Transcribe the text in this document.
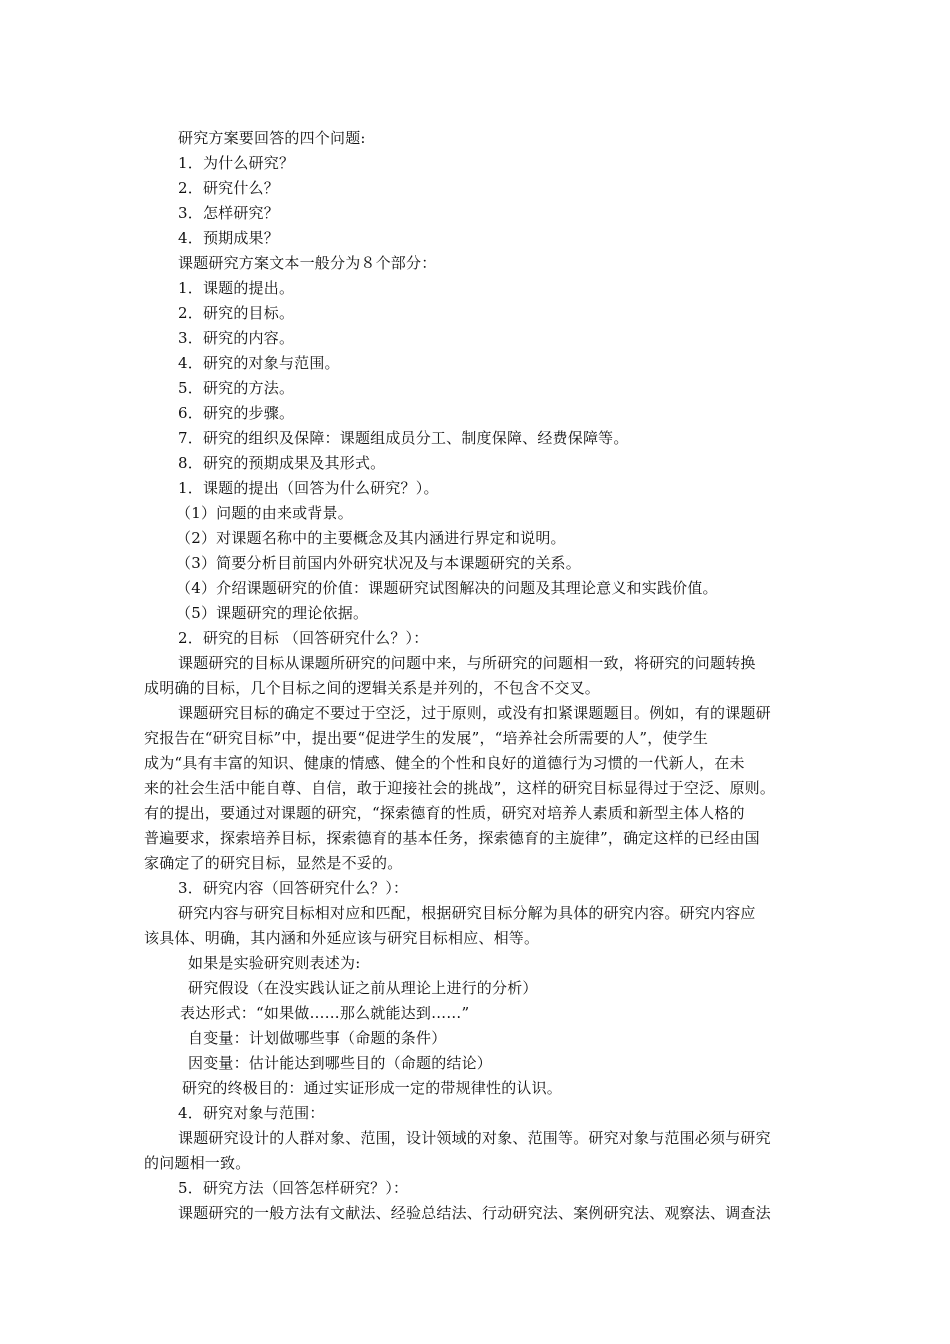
研究方案要回答的四个问题:
1．为什么研究？
2．研究什么？
3．怎样研究？
4．预期成果？
课题研究方案文本一般分为８个部分：
1．课题的提出。
2．研究的目标。
3．研究的内容。
4．研究的对象与范围。
5．研究的方法。
6．研究的步骤。
7．研究的组织及保障：课题组成员分工、制度保障、经费保障等。
8．研究的预期成果及其形式。
1．课题的提出（回答为什么研究？）。
（1）问题的由来或背景。
（2）对课题名称中的主要概念及其内涵进行界定和说明。
（3）简要分析目前国内外研究状况及与本课题研究的关系。
（4）介绍课题研究的价值：课题研究试图解决的问题及其理论意义和实践价值。
（5）课题研究的理论依据。
2．研究的目标 （回答研究什么？）：
课题研究的目标从课题所研究的问题中来，与所研究的问题相一致，将研究的问题转换
成明确的目标，几个目标之间的逻辑关系是并列的，不包含不交叉。
课题研究目标的确定不要过于空泛，过于原则，或没有扣紧课题题目。例如，有的课题研
究报告在“研究目标”中，提出要“促进学生的发展”，“培养社会所需要的人”，使学生
成为“具有丰富的知识、健康的情感、健全的个性和良好的道德行为习惯的一代新人，在未
来的社会生活中能自尊、自信，敢于迎接社会的挑战”，这样的研究目标显得过于空泛、原则。
有的提出，要通过对课题的研究，“探索德育的性质，研究对培养人素质和新型主体人格的
普遍要求，探索培养目标，探索德育的基本任务，探索德育的主旋律”，确定这样的已经由国
家确定了的研究目标，显然是不妥的。
3．研究内容（回答研究什么？）：
研究内容与研究目标相对应和匹配，根据研究目标分解为具体的研究内容。研究内容应
该具体、明确，其内涵和外延应该与研究目标相应、相等。
如果是实验研究则表述为:
研究假设（在没实践认证之前从理论上进行的分析）
表达形式：“如果做……那么就能达到……”
自变量：计划做哪些事（命题的条件）
因变量：估计能达到哪些目的（命题的结论）
研究的终极目的：通过实证形成一定的带规律性的认识。
4．研究对象与范围：
课题研究设计的人群对象、范围，设计领域的对象、范围等。研究对象与范围必须与研究
的问题相一致。
5．研究方法（回答怎样研究？）：
课题研究的一般方法有文献法、经验总结法、行动研究法、案例研究法、观察法、调查法
